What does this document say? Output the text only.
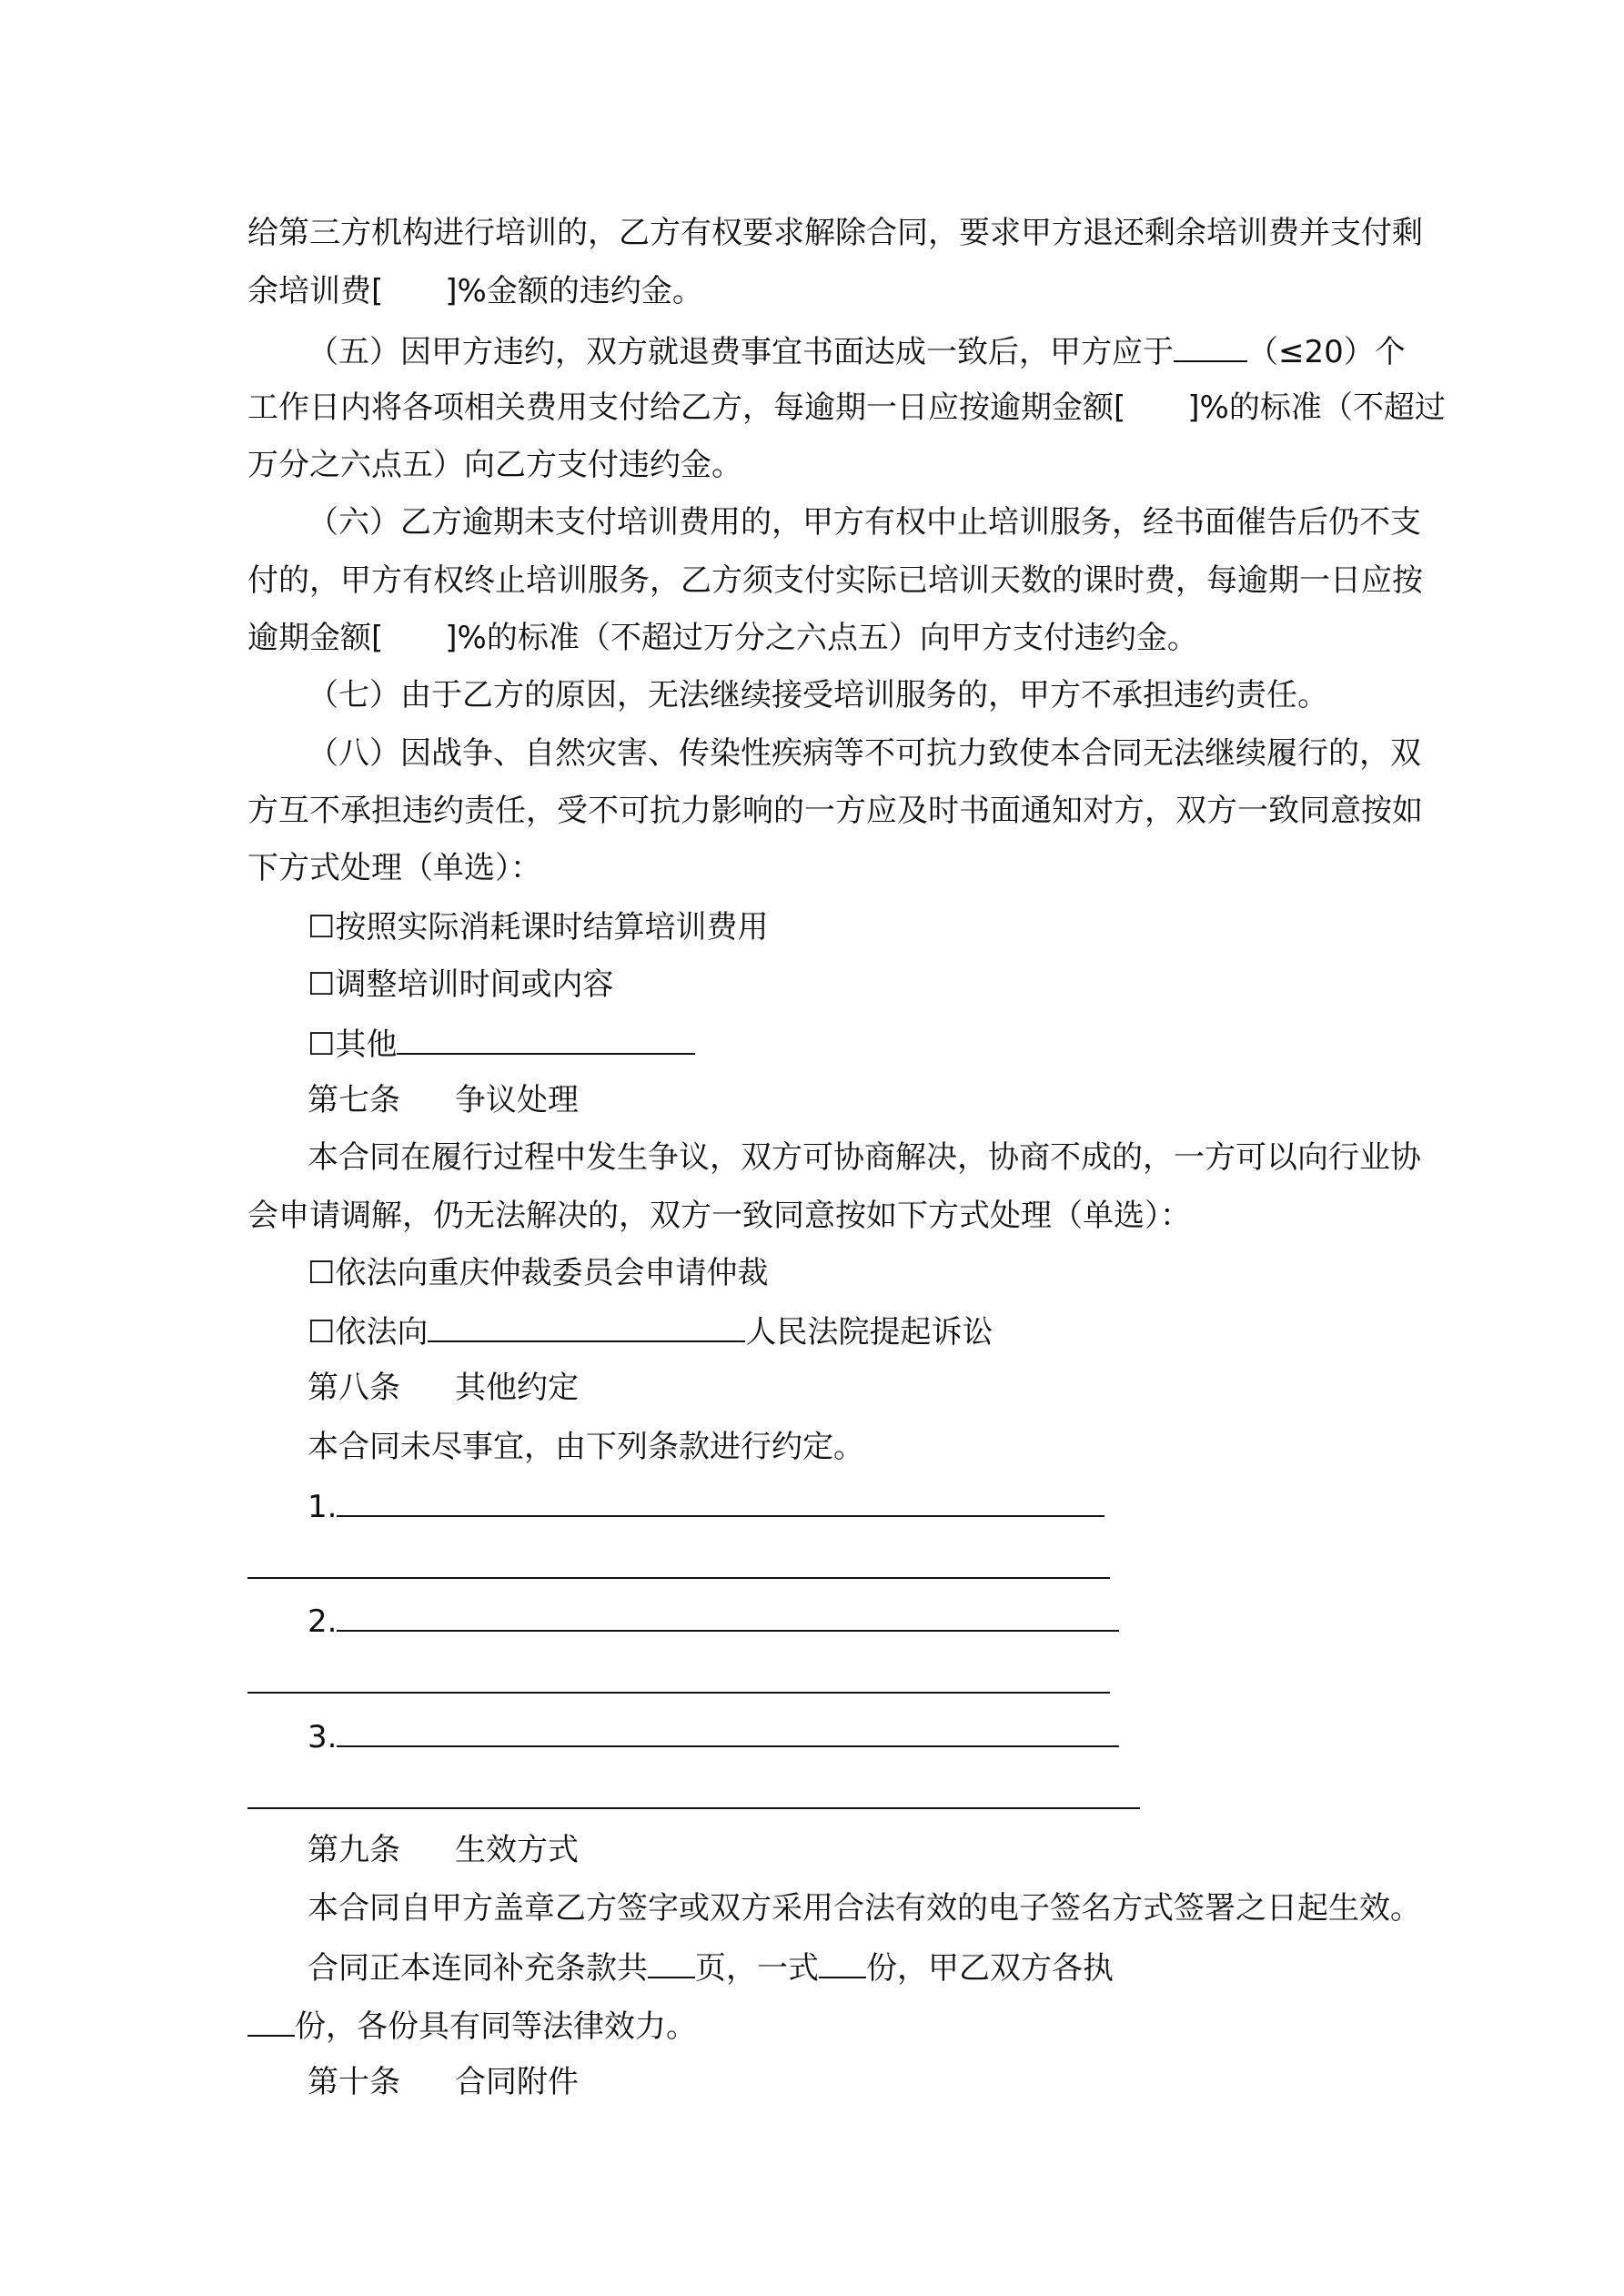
给第三方机构进行培训的，乙方有权要求解除合同，要求甲方退还剩余培训费并支付剩
余培训费[　　]%金额的违约金。
（五）因甲方违约，双方就退费事宜书面达成一致后，甲方应于 （≤20）个
工作日内将各项相关费用支付给乙方，每逾期一日应按逾期金额[　　]%的标准（不超过
万分之六点五）向乙方支付违约金。
（六）乙方逾期未支付培训费用的，甲方有权中止培训服务，经书面催告后仍不支
付的，甲方有权终止培训服务，乙方须支付实际已培训天数的课时费，每逾期一日应按
逾期金额[　　]%的标准（不超过万分之六点五）向甲方支付违约金。
（七）由于乙方的原因，无法继续接受培训服务的，甲方不承担违约责任。
（八）因战争、自然灾害、传染性疾病等不可抗力致使本合同无法继续履行的，双
方互不承担违约责任，受不可抗力影响的一方应及时书面通知对方，双方一致同意按如
下方式处理（单选）：
☐按照实际消耗课时结算培训费用
☐调整培训时间或内容
☐其他
第七条 争议处理
本合同在履行过程中发生争议，双方可协商解决，协商不成的，一方可以向行业协
会申请调解，仍无法解决的，双方一致同意按如下方式处理（单选）：
☐依法向重庆仲裁委员会申请仲裁
☐依法向	人民法院提起诉讼
第八条 其他约定
本合同未尽事宜，由下列条款进行约定。
1.
2.
3.
第九条 生效方式
本合同自甲方盖章乙方签字或双方采用合法有效的电子签名方式签署之日起生效。
合同正本连同补充条款共 页，一式 份，甲乙双方各执
份，各份具有同等法律效力。
第十条 合同附件
